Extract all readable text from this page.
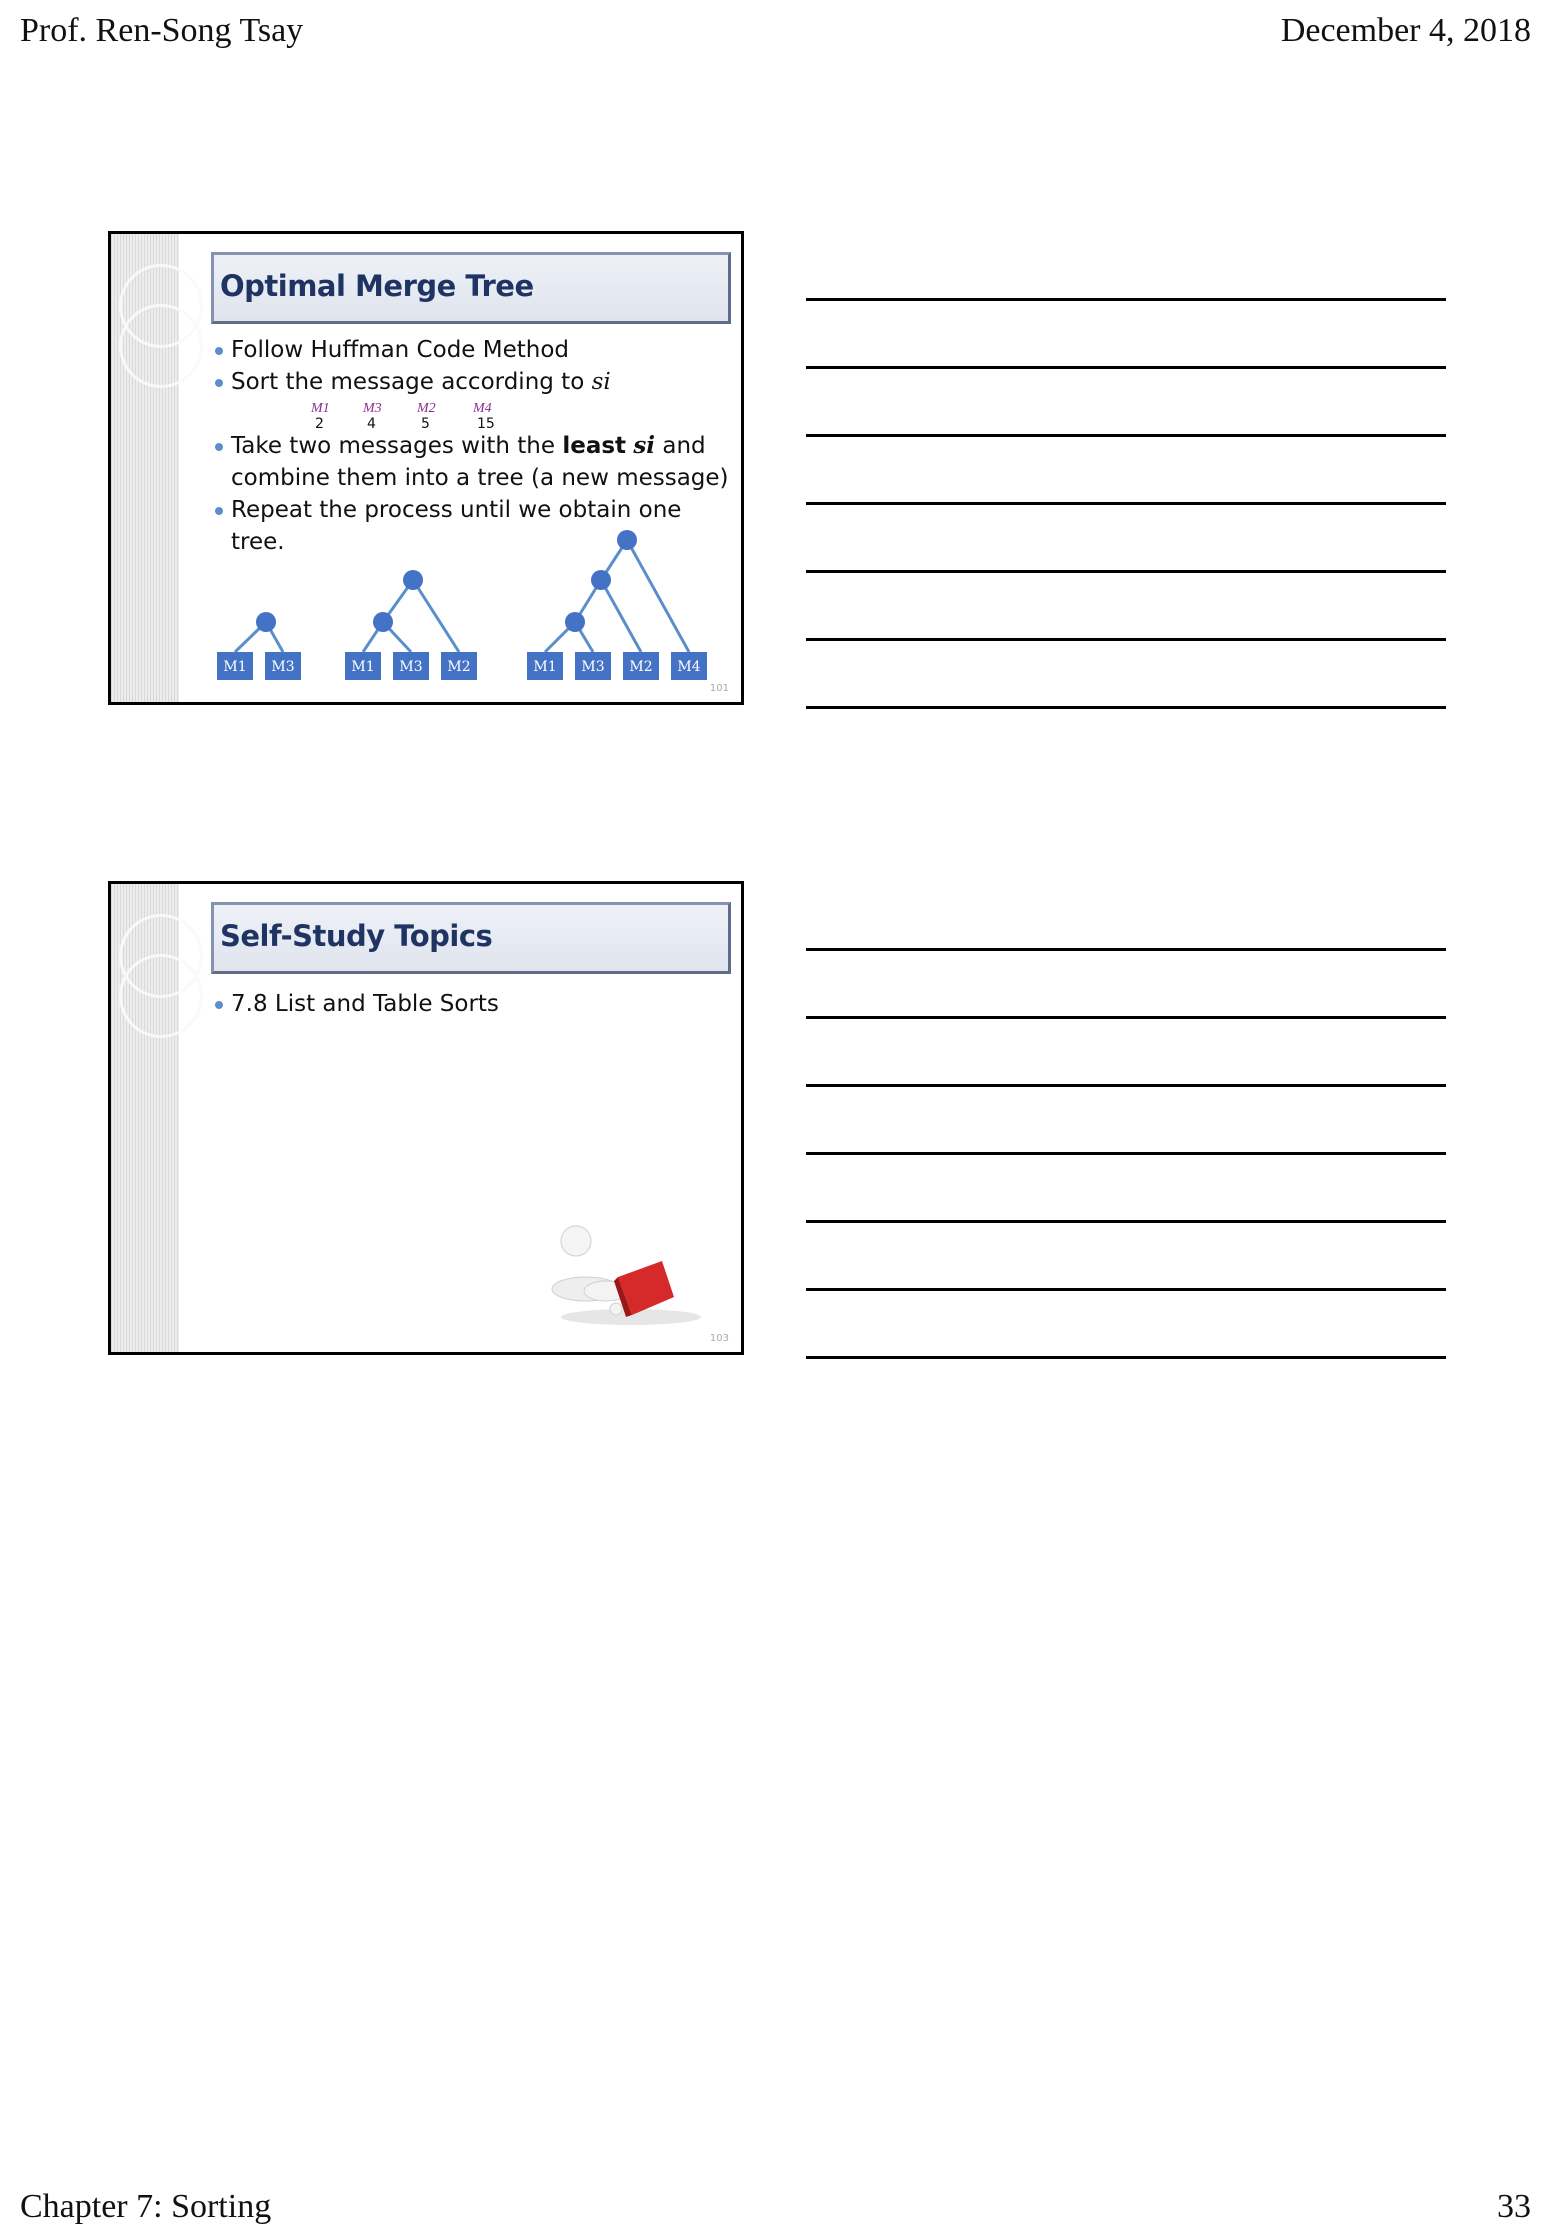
Prof. Ren-Song Tsay	December 4, 2018
Optimal Merge Tree
Follow Huffman Code Method
Sort the message according to si
Take two messages with the least si and
combine them into a tree (a new message)
Repeat the process until we obtain one
tree.
M1
2
M3
4
M2
5
M4
15
M1 M3	M1 M3 M2	M1 M3 M2 M4
101
Self-Study Topics
7.8 List and Table Sorts
103
Chapter 7: Sorting	33
